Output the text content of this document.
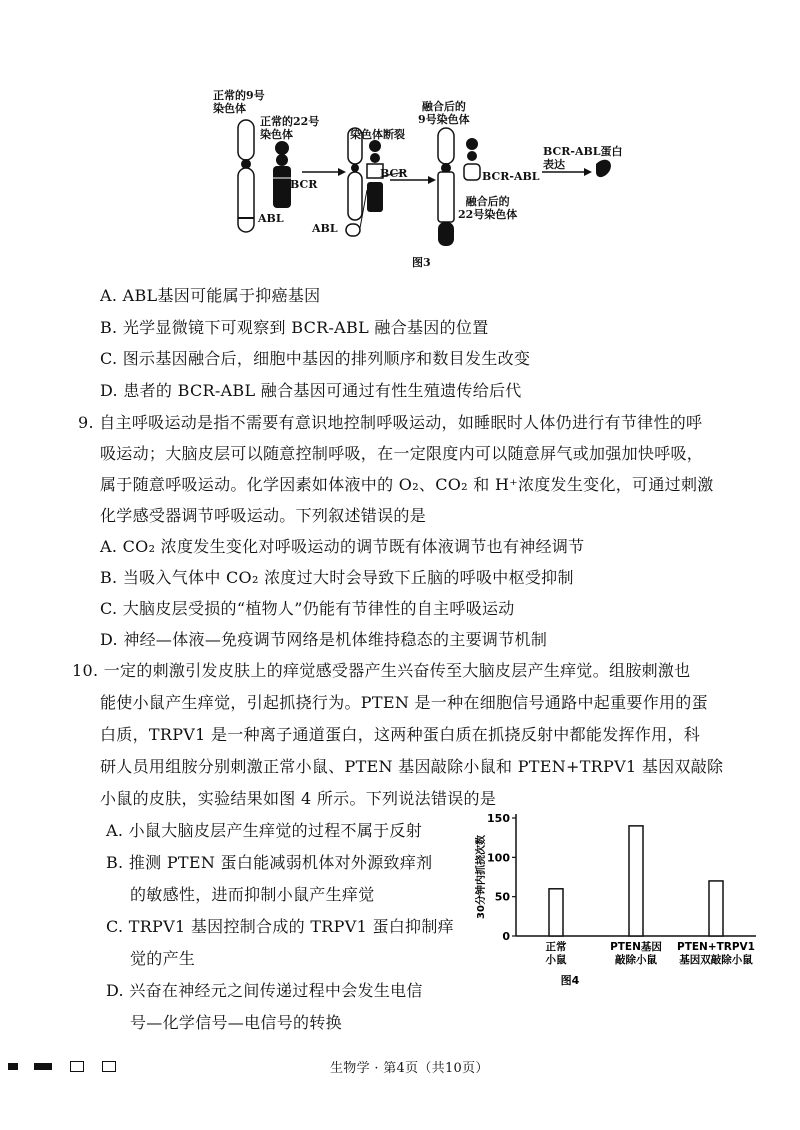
正常的9号
染色体
正常的22号
染色体
BCR
ABL
染色体断裂
BCR
ABL
融合后的
9号染色体
BCR-ABL
融合后的
22号染色体
BCR-ABL蛋白
表达
图3
A. ABL基因可能属于抑癌基因
B. 光学显微镜下可观察到 BCR-ABL 融合基因的位置
C. 图示基因融合后，细胞中基因的排列顺序和数目发生改变
D. 患者的 BCR-ABL 融合基因可通过有性生殖遗传给后代
9. 自主呼吸运动是指不需要有意识地控制呼吸运动，如睡眠时人体仍进行有节律性的呼
吸运动；大脑皮层可以随意控制呼吸，在一定限度内可以随意屏气或加强加快呼吸，
属于随意呼吸运动。化学因素如体液中的 O₂、CO₂ 和 H⁺浓度发生变化，可通过刺激
化学感受器调节呼吸运动。下列叙述错误的是
A. CO₂ 浓度发生变化对呼吸运动的调节既有体液调节也有神经调节
B. 当吸入气体中 CO₂ 浓度过大时会导致下丘脑的呼吸中枢受抑制
C. 大脑皮层受损的“植物人”仍能有节律性的自主呼吸运动
D. 神经—体液—免疫调节网络是机体维持稳态的主要调节机制
10. 一定的刺激引发皮肤上的痒觉感受器产生兴奋传至大脑皮层产生痒觉。组胺刺激也
能使小鼠产生痒觉，引起抓挠行为。PTEN 是一种在细胞信号通路中起重要作用的蛋
白质，TRPV1 是一种离子通道蛋白，这两种蛋白质在抓挠反射中都能发挥作用，科
研人员用组胺分别刺激正常小鼠、PTEN 基因敲除小鼠和 PTEN+TRPV1 基因双敲除
小鼠的皮肤，实验结果如图 4 所示。下列说法错误的是
A. 小鼠大脑皮层产生痒觉的过程不属于反射
B. 推测 PTEN 蛋白能减弱机体对外源致痒剂
的敏感性，进而抑制小鼠产生痒觉
C. TRPV1 基因控制合成的 TRPV1 蛋白抑制痒
觉的产生
D. 兴奋在神经元之间传递过程中会发生电信
号—化学信号—电信号的转换
0
50
100
150
30分钟内抓挠次数
正常
小鼠
PTEN基因
敲除小鼠
PTEN+TRPV1
基因双敲除小鼠
图4
生物学 · 第4页（共10页）
